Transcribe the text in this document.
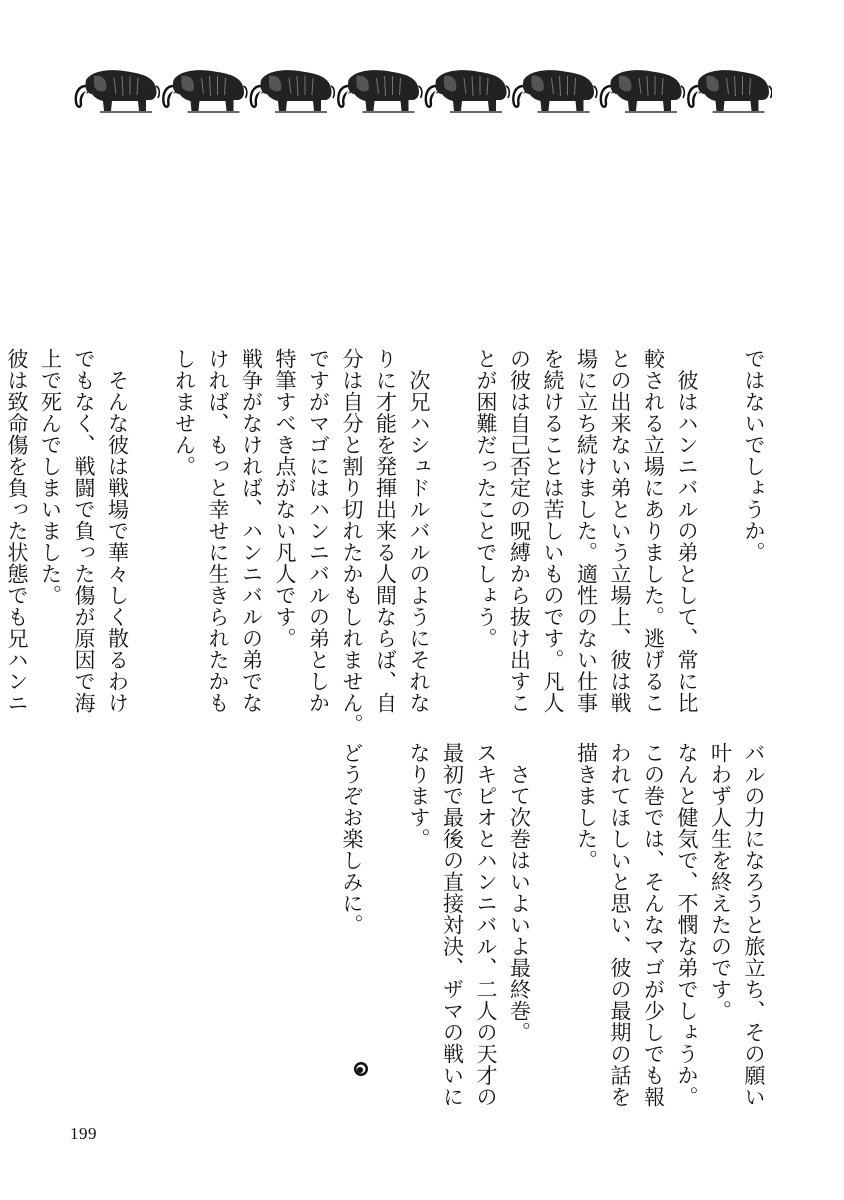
ではないでしょうか。
　彼はハンニバルの弟として、常に比
較される立場にありました。逃げるこ
との出来ない弟という立場上、彼は戦
場に立ち続けました。適性のない仕事
を続けることは苦しいものです。凡人
の彼は自己否定の呪縛から抜け出すこ
とが困難だったことでしょう。
　次兄ハシュドルバルのようにそれな
りに才能を発揮出来る人間ならば、自
分は自分と割り切れたかもしれません。
ですがマゴにはハンニバルの弟としか
特筆すべき点がない凡人です。
戦争がなければ、ハンニバルの弟でな
ければ、もっと幸せに生きられたかも
しれません。
　そんな彼は戦場で華々しく散るわけ
でもなく、戦闘で負った傷が原因で海
上で死んでしまいました。
彼は致命傷を負った状態でも兄ハンニ
バルの力になろうと旅立ち、その願い
叶わず人生を終えたのです。
なんと健気で、不憫な弟でしょうか。
この巻では、そんなマゴが少しでも報
われてほしいと思い、彼の最期の話を
描きました。
　さて次巻はいよいよ最終巻。
スキピオとハンニバル、二人の天才の
最初で最後の直接対決、ザマの戦いに
なります。
どうぞお楽しみに。
199
